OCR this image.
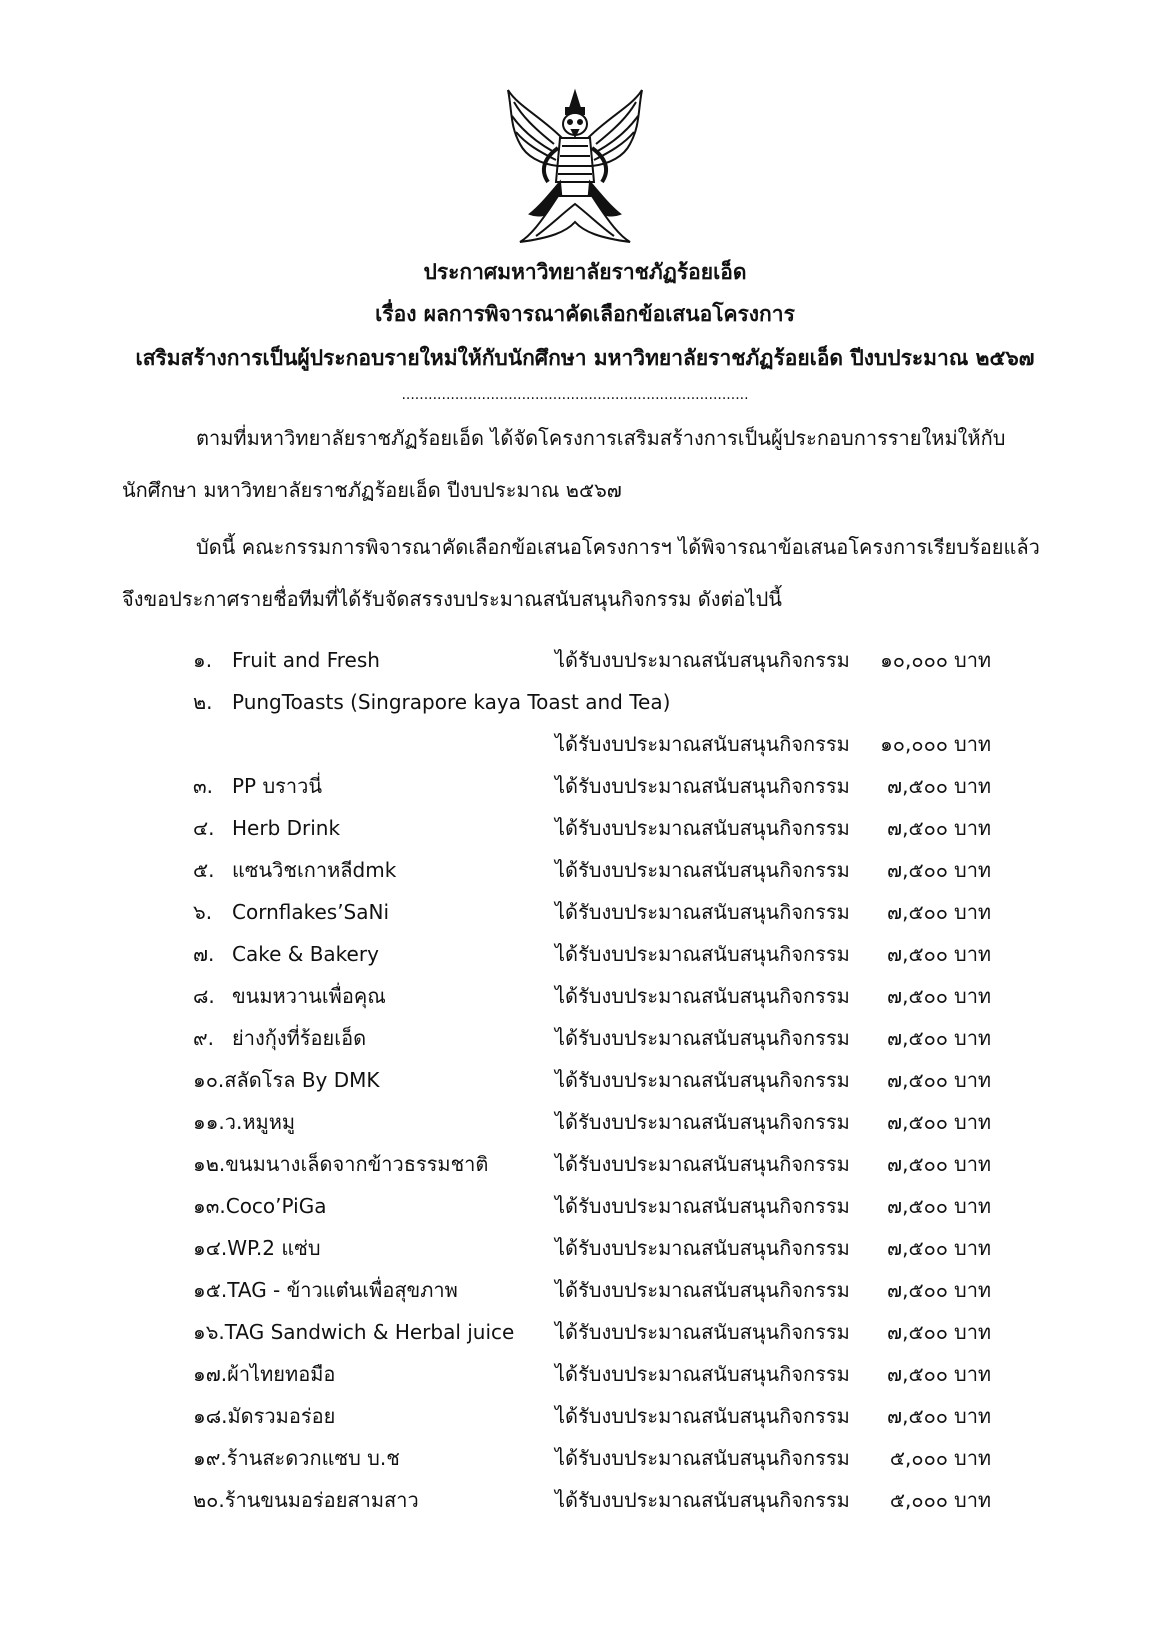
ประกาศมหาวิทยาลัยราชภัฏร้อยเอ็ด
เรื่อง ผลการพิจารณาคัดเลือกข้อเสนอโครงการ
เสริมสร้างการเป็นผู้ประกอบรายใหม่ให้กับนักศึกษา มหาวิทยาลัยราชภัฏร้อยเอ็ด ปีงบประมาณ ๒๕๖๗
..............................................................................
ตามที่มหาวิทยาลัยราชภัฏร้อยเอ็ด ได้จัดโครงการเสริมสร้างการเป็นผู้ประกอบการรายใหม่ให้กับ
นักศึกษา มหาวิทยาลัยราชภัฏร้อยเอ็ด ปีงบประมาณ ๒๕๖๗
บัดนี้ คณะกรรมการพิจารณาคัดเลือกข้อเสนอโครงการฯ ได้พิจารณาข้อเสนอโครงการเรียบร้อยแล้ว
จึงขอประกาศรายชื่อทีมที่ได้รับจัดสรรงบประมาณสนับสนุนกิจกรรม ดังต่อไปนี้
๑. Fruit and Fresh	ได้รับงบประมาณสนับสนุนกิจกรรม ๑๐,๐๐๐ บาท
๒. PungToasts (Singrapore kaya Toast and Tea)
ได้รับงบประมาณสนับสนุนกิจกรรม ๑๐,๐๐๐ บาท
๓. PP บราวนี่	ได้รับงบประมาณสนับสนุนกิจกรรม ๗,๕๐๐ บาท
๔. Herb Drink	ได้รับงบประมาณสนับสนุนกิจกรรม ๗,๕๐๐ บาท
๕. แซนวิชเกาหลีdmk	ได้รับงบประมาณสนับสนุนกิจกรรม ๗,๕๐๐ บาท
๖. Cornflakes’SaNi	ได้รับงบประมาณสนับสนุนกิจกรรม ๗,๕๐๐ บาท
๗. Cake & Bakery	ได้รับงบประมาณสนับสนุนกิจกรรม ๗,๕๐๐ บาท
๘. ขนมหวานเพื่อคุณ	ได้รับงบประมาณสนับสนุนกิจกรรม ๗,๕๐๐ บาท
๙. ย่างกุ้งที่ร้อยเอ็ด	ได้รับงบประมาณสนับสนุนกิจกรรม ๗,๕๐๐ บาท
๑๐.สลัดโรล By DMK	ได้รับงบประมาณสนับสนุนกิจกรรม ๗,๕๐๐ บาท
๑๑.ว.หมูหมู	ได้รับงบประมาณสนับสนุนกิจกรรม ๗,๕๐๐ บาท
๑๒.ขนมนางเล็ดจากข้าวธรรมชาติ	ได้รับงบประมาณสนับสนุนกิจกรรม ๗,๕๐๐ บาท
๑๓.Coco’PiGa	ได้รับงบประมาณสนับสนุนกิจกรรม ๗,๕๐๐ บาท
๑๔.WP.2 แซ่บ	ได้รับงบประมาณสนับสนุนกิจกรรม ๗,๕๐๐ บาท
๑๕.TAG - ข้าวแต๋นเพื่อสุขภาพ	ได้รับงบประมาณสนับสนุนกิจกรรม ๗,๕๐๐ บาท
๑๖.TAG Sandwich & Herbal juice ได้รับงบประมาณสนับสนุนกิจกรรม ๗,๕๐๐ บาท
๑๗.ผ้าไทยทอมือ	ได้รับงบประมาณสนับสนุนกิจกรรม ๗,๕๐๐ บาท
๑๘.มัดรวมอร่อย	ได้รับงบประมาณสนับสนุนกิจกรรม ๗,๕๐๐ บาท
๑๙.ร้านสะดวกแซบ บ.ช	ได้รับงบประมาณสนับสนุนกิจกรรม ๕,๐๐๐ บาท
๒๐.ร้านขนมอร่อยสามสาว	ได้รับงบประมาณสนับสนุนกิจกรรม ๕,๐๐๐ บาท
